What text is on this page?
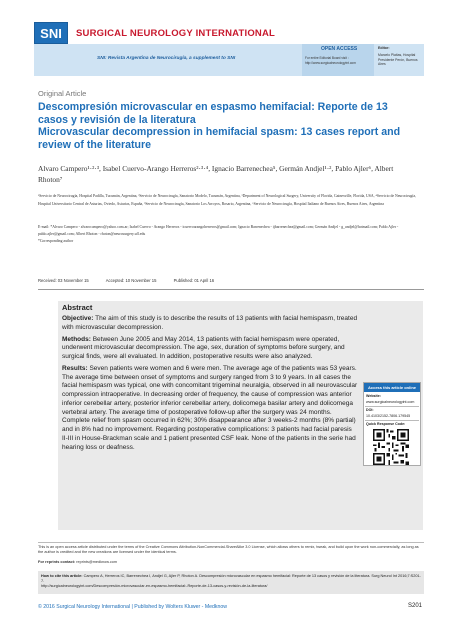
SNI	SURGICAL NEUROLOGY INTERNATIONAL
SNI: Revista Argentina de Neurocirugía, a supplement to SNI
OPEN ACCESS
For entire Editorial Board visit : http://www.surgicalneurologyint.com
Editor:
Marcelo Plaitas, Hospital Presidente Perón, Buenos Aires
Original Article
Descompresión microvascular en espasmo hemifacial: Reporte de 13 casos y revisión de la literatura
Microvascular decompression in hemifacial spasm: 13 cases report and review of the literature
Alvaro Campero¹·²·³, Isabel Cuervo-Arango Herreros²·³·⁴, Ignacio Barrenechea⁵, Germán Andjel¹·², Pablo Ajler⁶, Albert Rhoton⁷
¹Servicio de Neurocirugía, Hospital Padilla, Tucumán, Argentina, ²Servicio de Neurocirugía, Sanatorio Modelo, Tucumán, Argentina, ³Department of Neurological Surgery, University of Florida, Gainesville, Florida, USA, ⁴Servicio de Neurocirugía, Hospital Universitario Central de Asturias, Oviedo, Asturias, España, ⁵Servicio de Neurocirugía, Sanatorio Los Arroyos, Rosario, Argentina, ⁶Servicio de Neurocirugía, Hospital Italiano de Buenos Aires, Buenos Aires, Argentina
E-mail: *Alvaro Campero - alvarocampero@yahoo.com.ar; Isabel Cuervo - Arango Herreros - icuervoarangoherreros@gmail.com; Ignacio Barrenechea - ijbarrenechea@gmail.com; Germán Andjel - g_andjel@hotmail.com; Pablo Ajler - pablo.ajler@gmail.com; Albert Rhoton - rhoton@neurosurgery.ufl.edu
*Corresponding author
Received: 03 November 15	Accepted: 10 November 15	Published: 01 April 16
Abstract

Objective: The aim of this study is to describe the results of 13 patients with facial hemispasm, treated with microvascular decompression.

Methods: Between June 2005 and May 2014, 13 patients with facial hemispasm were operated, underwent microvascular decompression. The age, sex, duration of symptoms before surgery, and surgical finds, were all evaluated. In addition, postoperative results were also analyzed.

Results: Seven patients were women and 6 were men. The average age of the patients was 53 years. The average time between onset of symptoms and surgery ranged from 3 to 9 years. In all cases the facial hemispasm was typical, one with concomitant trigeminal neuralgia, observed in all neurovascular compression intraoperative. In decreasing order of frequency, the cause of compression was anterior inferior cerebellar artery, posterior inferior cerebellar artery, dolicomega basilar artery and dolicomega vertebral artery. The average time of postoperative follow-up after the surgery was 24 months. Complete relief from spasm occurred in 62%; 30% disappearance after 3 weeks-2 months (8% partial) and in 8% had no improvement. Regarding postoperative complications: 3 patients had facial paresis II-III in House-Brackman scale and 1 patient presented CSF leak. None of the patients in the serie had hearing loss or deafness.

Access this article online
Website:
www.surgicalneurologyint.com
DOI:
10.4103/2152-7806.179545
Quick Response Code:
This is an open access article distributed under the terms of the Creative Commons Attribution-NonCommercial-ShareAlike 3.0 License, which allows others to remix, tweak, and build upon the work non-commercially, as long as the author is credited and the new creations are licensed under the identical terms.
For reprints contact: reprints@medknow.com
How to cite this article: Campero A, Herreros IC, Barrenechea I, Andjel G, Ajler P, Rhoton A. Descompresión microvascular en espasmo hemifacial: Reporte de 13 casos y revisión de la literatura. Surg Neurol Int 2016;7:S201-7.
http://surgicalneurologyint.com/Descompresión-microvascular-en-espasmo-hemifacial:-Reporte-de-13-casos-y-revisión-de-la-literatura/
© 2016 Surgical Neurology International | Published by Wolters Kluwer - Medknow	S201
